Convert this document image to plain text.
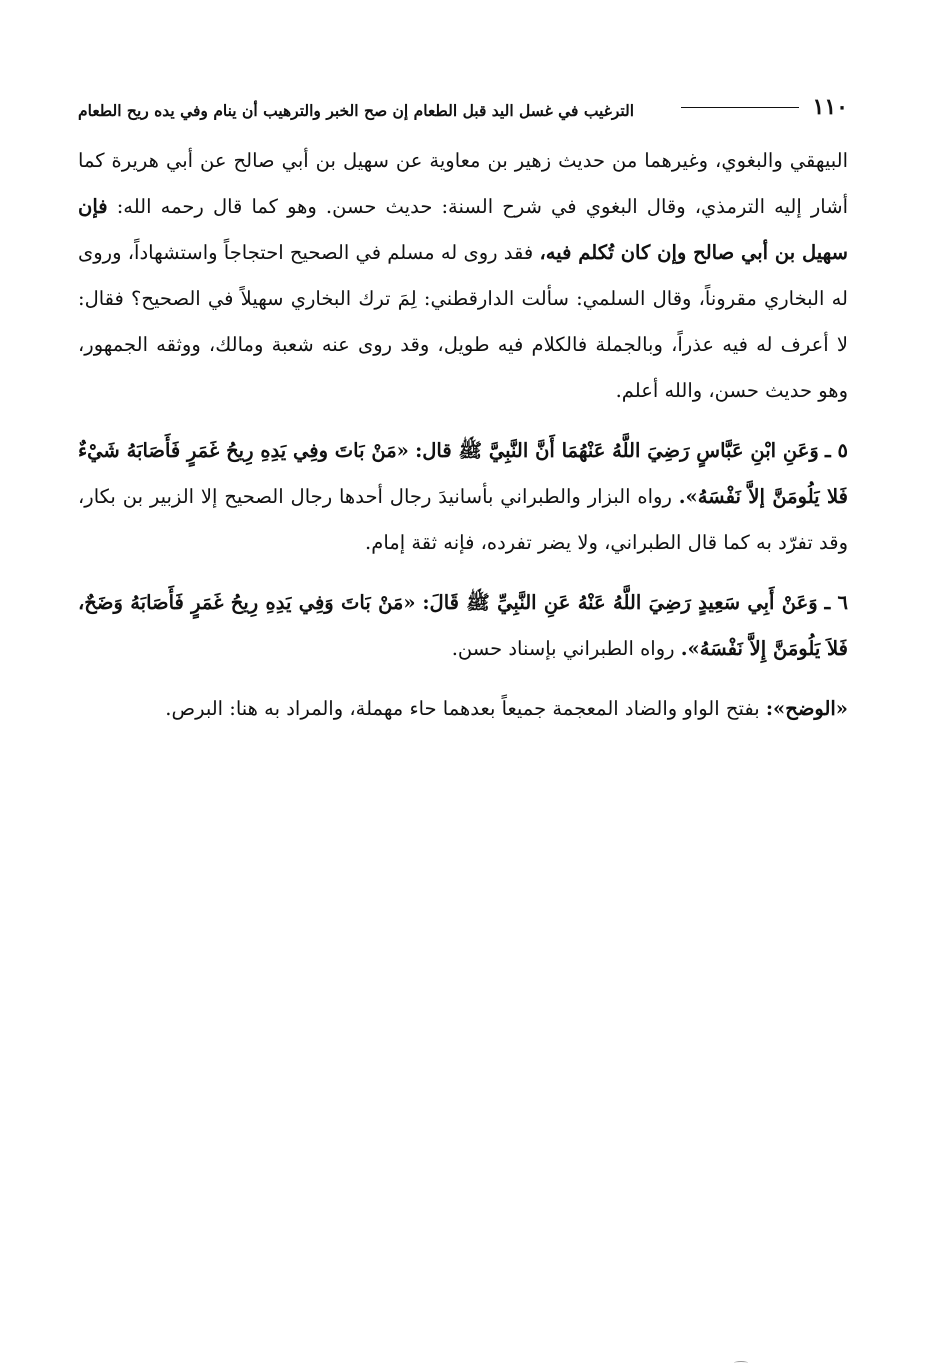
١١٠
الترغيب في غسل اليد قبل الطعام إن صح الخبر والترهيب أن ينام وفي يده ريح الطعام

البيهقي والبغوي، وغيرهما من حديث زهير بن معاوية عن سهيل بن أبي صالح عن أبي هريرة كما أشار إليه الترمذي، وقال البغوي في شرح السنة: حديث حسن. وهو كما قال رحمه الله: فإن سهيل بن أبي صالح وإن كان تُكلم فيه، فقد روى له مسلم في الصحيح احتجاجاً واستشهاداً، وروى له البخاري مقروناً، وقال السلمي: سألت الدارقطني: لِمَ ترك البخاري سهيلاً في الصحيح؟ فقال: لا أعرف له فيه عذراً، وبالجملة فالكلام فيه طويل، وقد روى عنه شعبة ومالك، ووثقه الجمهور، وهو حديث حسن، والله أعلم.

٥ ـ وَعَنِ ابْنِ عَبَّاسٍ رَضِيَ اللَّهُ عَنْهُمَا أَنَّ النَّبِيَّ ﷺ قال: «مَنْ بَاتَ وفِي يَدِهِ رِيحُ غَمَرٍ فَأَصَابَهُ شَيْءٌ فَلا يَلُومَنَّ إلاَّ نَفْسَهُ». رواه البزار والطبراني بأسانيدَ رجال أحدها رجال الصحيح إلا الزبير بن بكار، وقد تفرّد به كما قال الطبراني، ولا يضر تفرده، فإنه ثقة إمام.

٦ ـ وَعَنْ أَبِي سَعِيدٍ رَضِيَ اللَّهُ عَنْهُ عَنِ النَّبِيِّ ﷺ قَالَ: «مَنْ بَاتَ وَفِي يَدِهِ رِيحُ غَمَرٍ فَأَصَابَهُ وَضَحٌ، فَلاَ يَلُومَنَّ إِلاَّ نَفْسَهُ». رواه الطبراني بإسناد حسن.

«الوضح»: بفتح الواو والضاد المعجمة جميعاً بعدهما حاء مهملة، والمراد به هنا: البرص.
